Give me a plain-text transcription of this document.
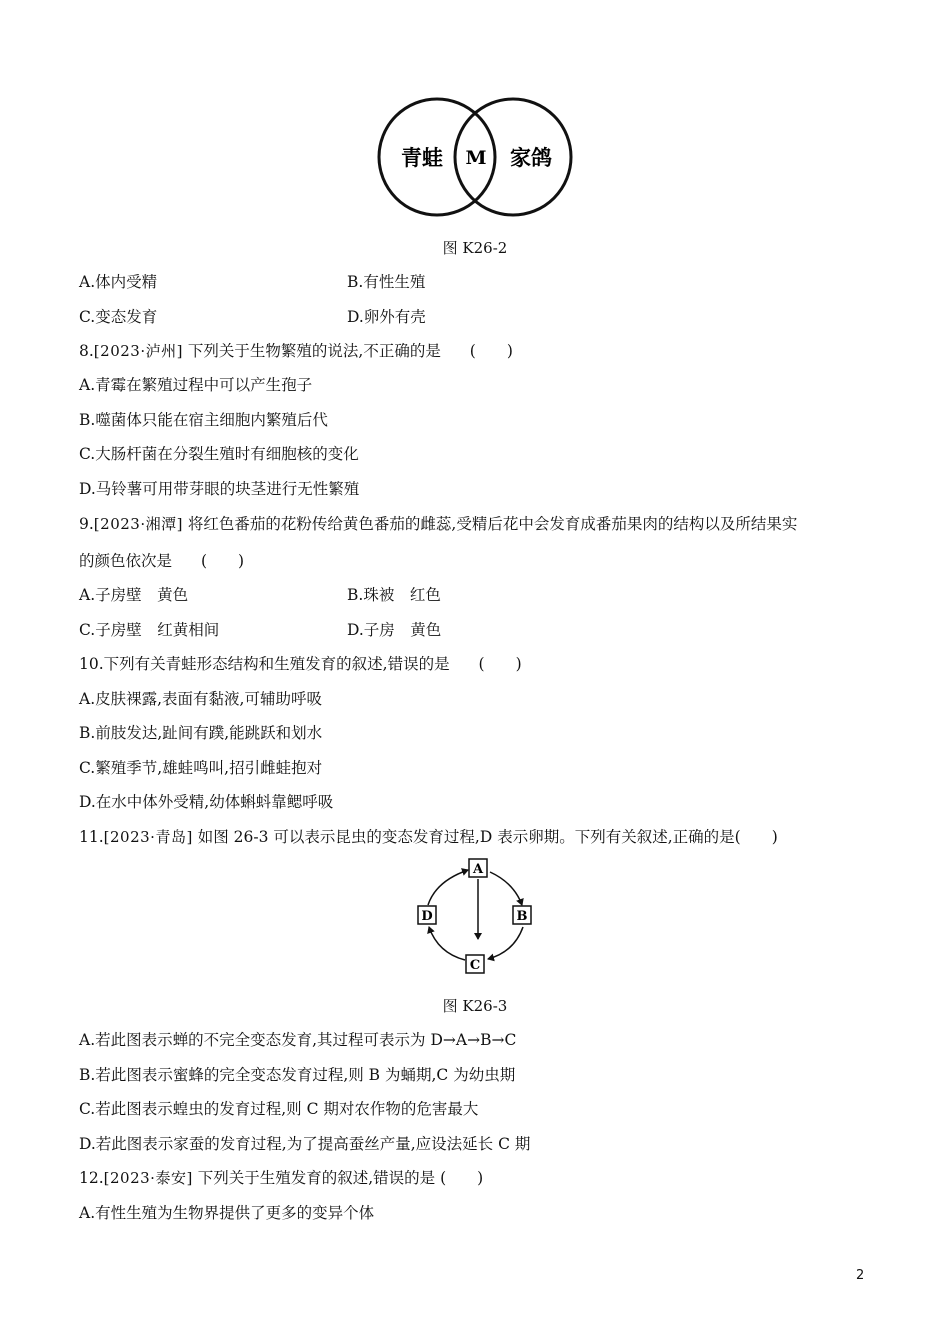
青蛙 M 家鸽
图 K26-2
A.体内受精	B.有性生殖
C.变态发育	D.卵外有壳
8.[2023·泸州] 下列关于生物繁殖的说法,不正确的是 (　　)
A.青霉在繁殖过程中可以产生孢子
B.噬菌体只能在宿主细胞内繁殖后代
C.大肠杆菌在分裂生殖时有细胞核的变化
D.马铃薯可用带芽眼的块茎进行无性繁殖
9.[2023·湘潭] 将红色番茄的花粉传给黄色番茄的雌蕊,受精后花中会发育成番茄果肉的结构以及所结果实
的颜色依次是 (　　)
A.子房壁　黄色	B.珠被　红色
C.子房壁　红黄相间	D.子房　黄色
10.下列有关青蛙形态结构和生殖发育的叙述,错误的是 (　　)
A.皮肤裸露,表面有黏液,可辅助呼吸
B.前肢发达,趾间有蹼,能跳跃和划水
C.繁殖季节,雄蛙鸣叫,招引雌蛙抱对
D.在水中体外受精,幼体蝌蚪靠鳃呼吸
11.[2023·青岛] 如图 26-3 可以表示昆虫的变态发育过程,D 表示卵期。下列有关叙述,正确的是(　　)
A
B
C
D
图 K26-3
A.若此图表示蝉的不完全变态发育,其过程可表示为 D→A→B→C
B.若此图表示蜜蜂的完全变态发育过程,则 B 为蛹期,C 为幼虫期
C.若此图表示蝗虫的发育过程,则 C 期对农作物的危害最大
D.若此图表示家蚕的发育过程,为了提高蚕丝产量,应设法延长 C 期
12.[2023·泰安] 下列关于生殖发育的叙述,错误的是 (　　)
A.有性生殖为生物界提供了更多的变异个体
2
